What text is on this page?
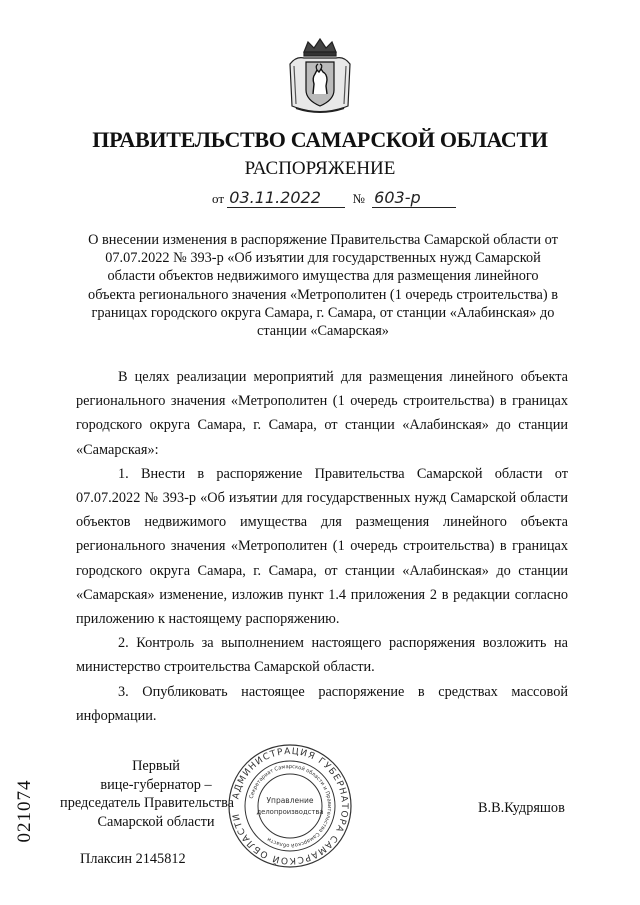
ПРАВИТЕЛЬСТВО САМАРСКОЙ ОБЛАСТИ
РАСПОРЯЖЕНИЕ
от 03.11.2022 № 603-р
О внесении изменения в распоряжение Правительства Самарской области от 07.07.2022 № 393-р «Об изъятии для государственных нужд Самарской области объектов недвижимого имущества для размещения линейного объекта регионального значения «Метрополитен (1 очередь строительства) в границах городского округа Самара, г. Самара, от станции «Алабинская» до станции «Самарская»

В целях реализации мероприятий для размещения линейного объекта регионального значения «Метрополитен (1 очередь строительства) в границах городского округа Самара, г. Самара, от станции «Алабинская» до станции «Самарская»:

1. Внести в распоряжение Правительства Самарской области от 07.07.2022 № 393-р «Об изъятии для государственных нужд Самарской области объектов недвижимого имущества для размещения линейного объекта регионального значения «Метрополитен (1 очередь строительства) в границах городского округа Самара, г. Самара, от станции «Алабинская» до станции «Самарская» изменение, изложив пункт 1.4 приложения 2 в редакции согласно приложению к настоящему распоряжению.

2. Контроль за выполнением настоящего распоряжения возложить на министерство строительства Самарской области.

3. Опубликовать настоящее распоряжение в средствах массовой информации.

Первый
вице-губернатор –
председатель Правительства
Самарской области
АДМИНИСТРАЦИЯ ГУБЕРНАТОРА САМАРСКОЙ ОБЛАСТИ
Секретариат Самарской области и Правительства Самарской области
Управление
делопроизводства	В.В.Кудряшов
021074
Плаксин 2145812
